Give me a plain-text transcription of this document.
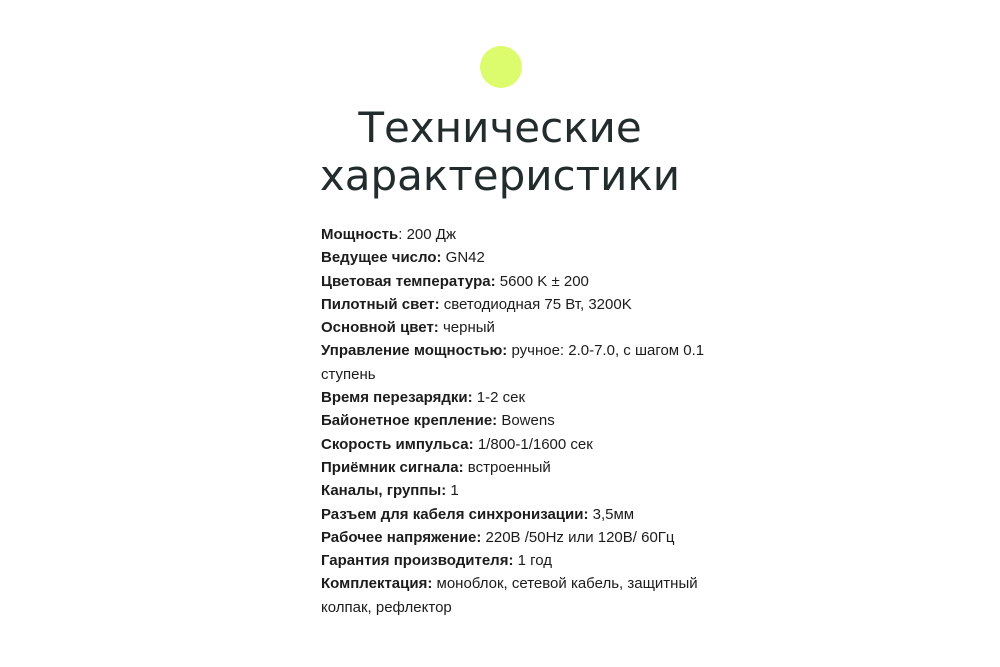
Технические
характеристики

Мощность: 200 Дж

Ведущее число: GN42

Цветовая температура: 5600 K ± 200

Пилотный свет: светодиодная 75 Вт, 3200K

Основной цвет: черный

Управление мощностью: ручное: 2.0-7.0, с шагом 0.1 ступень

Время перезарядки: 1-2 сек

Байонетное крепление: Bowens

Скорость импульса: 1/800-1/1600 сек

Приёмник сигнала: встроенный

Каналы, группы: 1

Разъем для кабеля синхронизации: 3,5мм

Рабочее напряжение: 220В /50Hz или 120В/ 60Гц

Гарантия производителя: 1 год

Комплектация: моноблок, сетевой кабель, защитный колпак, рефлектор
